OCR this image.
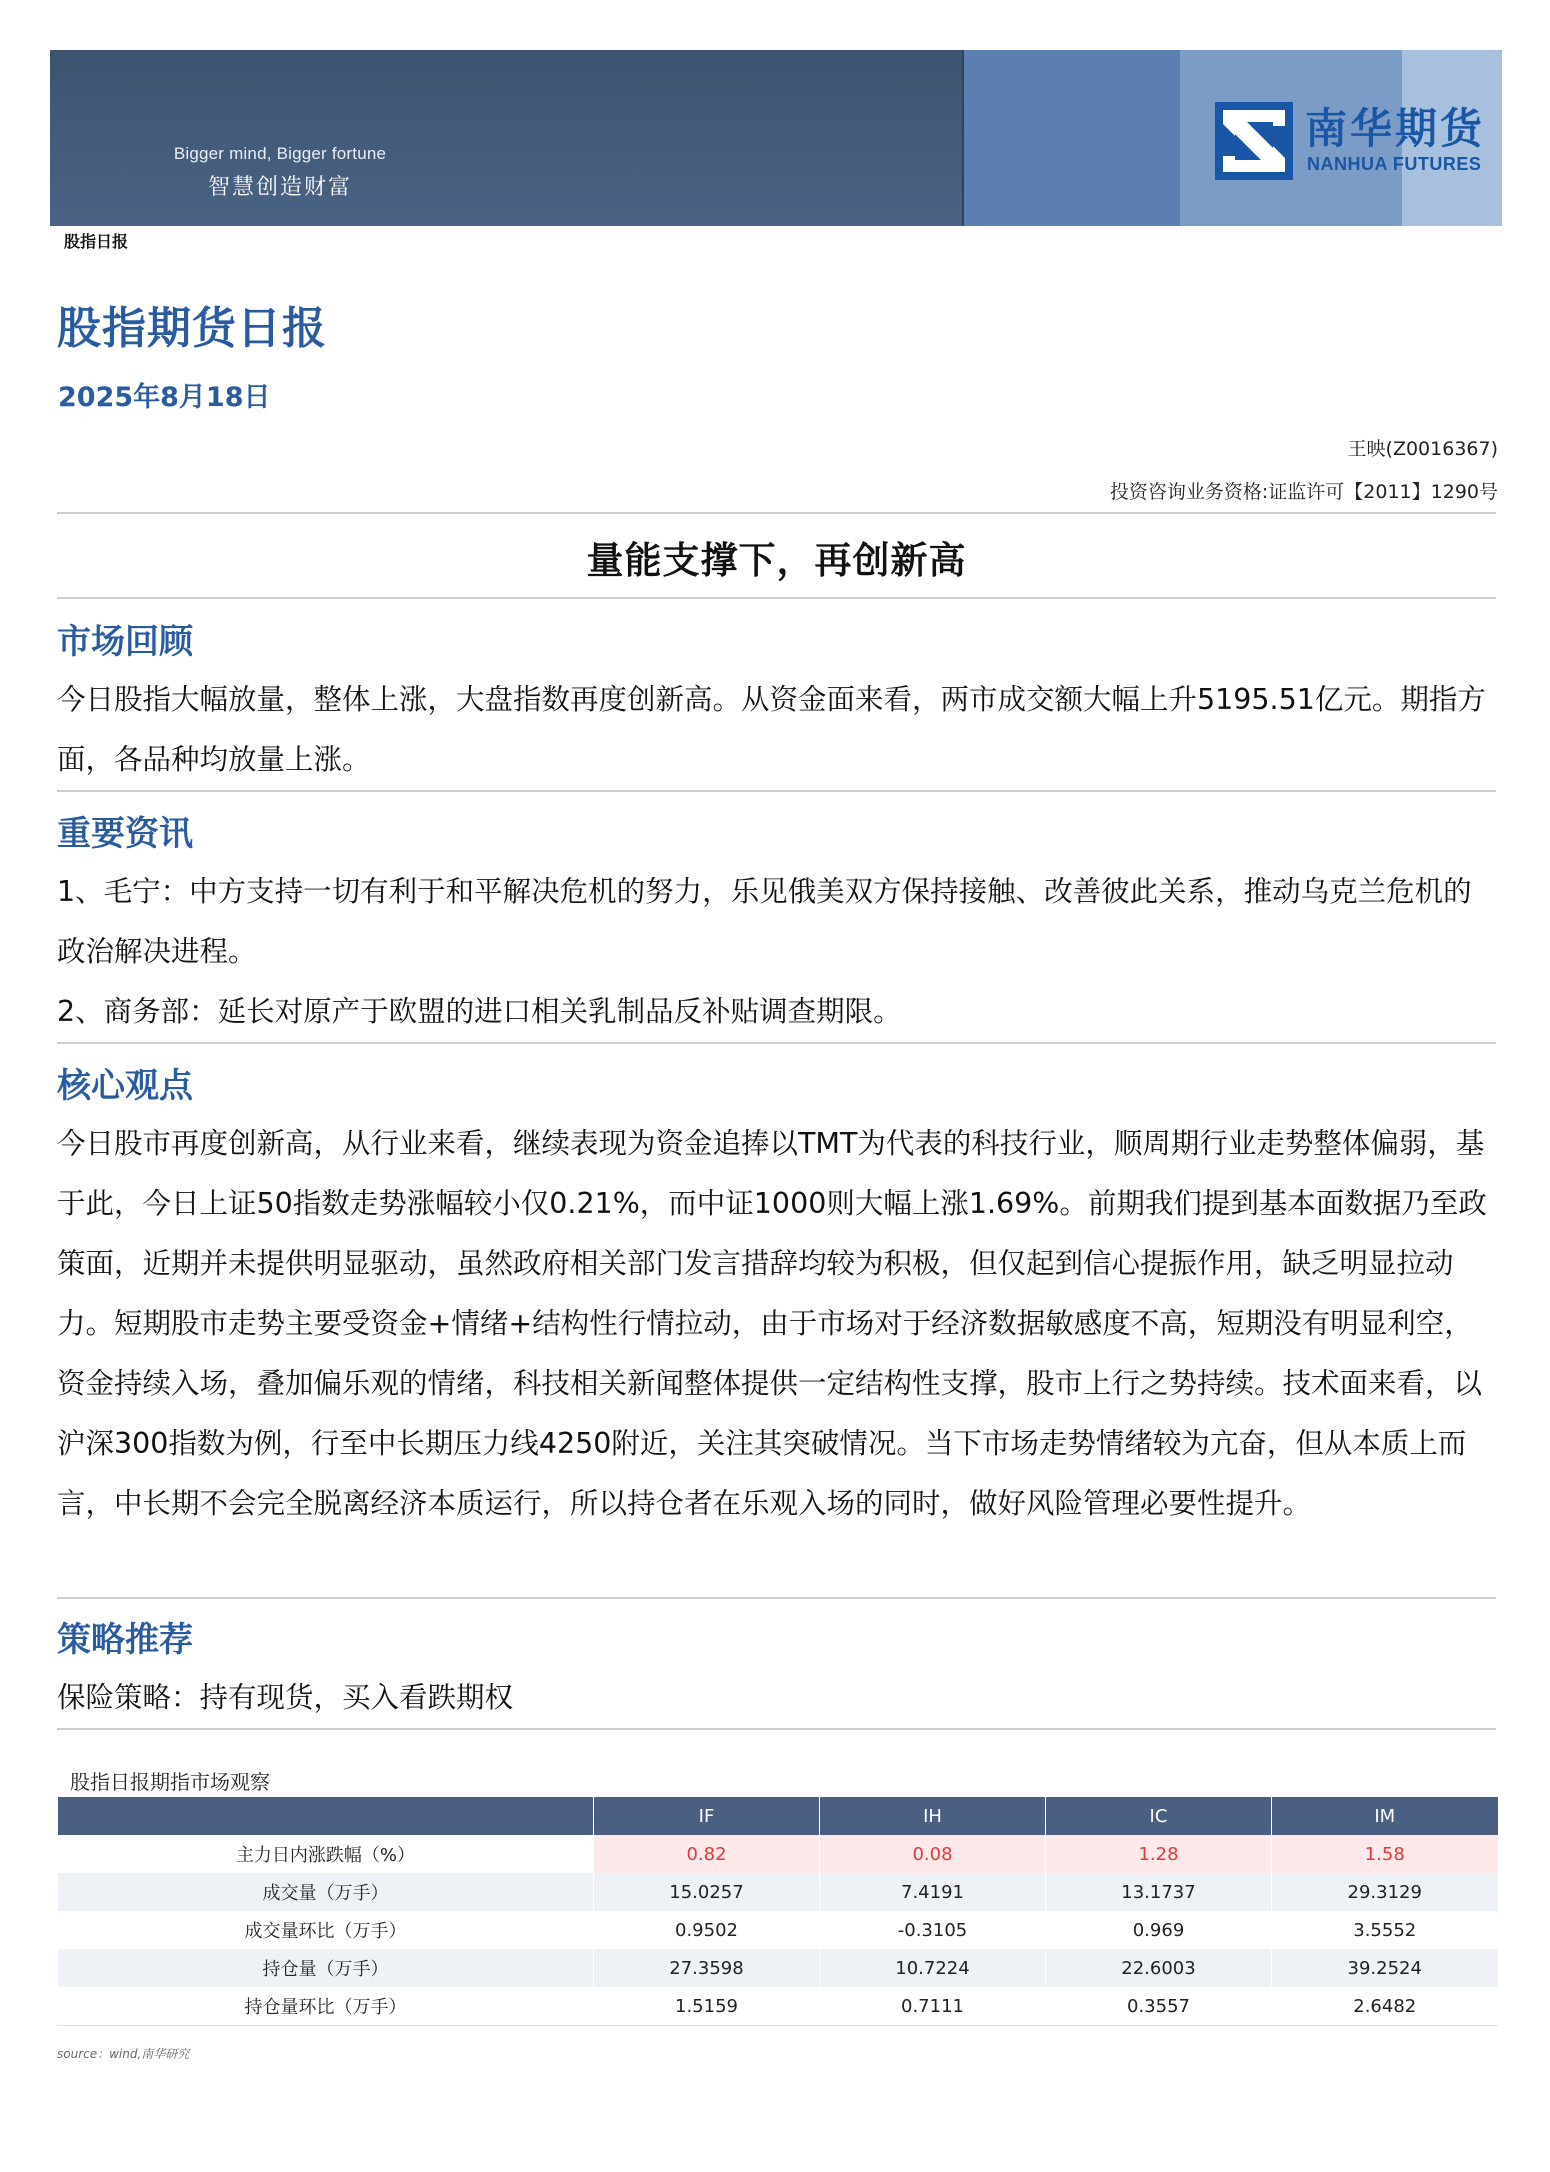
Bigger mind, Bigger fortune
智慧创造财富
南华期货
NANHUA FUTURES
股指日报
股指期货日报
2025年8月18日
王映(Z0016367)
投资咨询业务资格:证监许可【2011】1290号
量能支撑下，再创新高
市场回顾
今日股指大幅放量，整体上涨，大盘指数再度创新高。从资金面来看，两市成交额大幅上升5195.51亿元。期指方面，各品种均放量上涨。
重要资讯
1、毛宁：中方支持一切有利于和平解决危机的努力，乐见俄美双方保持接触、改善彼此关系，推动乌克兰危机的政治解决进程。
2、商务部：延长对原产于欧盟的进口相关乳制品反补贴调查期限。
核心观点
今日股市再度创新高，从行业来看，继续表现为资金追捧以TMT为代表的科技行业，顺周期行业走势整体偏弱，基于此，今日上证50指数走势涨幅较小仅0.21%，而中证1000则大幅上涨1.69%。前期我们提到基本面数据乃至政策面，近期并未提供明显驱动，虽然政府相关部门发言措辞均较为积极，但仅起到信心提振作用，缺乏明显拉动力。短期股市走势主要受资金+情绪+结构性行情拉动，由于市场对于经济数据敏感度不高，短期没有明显利空，资金持续入场，叠加偏乐观的情绪，科技相关新闻整体提供一定结构性支撑，股市上行之势持续。技术面来看，以沪深300指数为例，行至中长期压力线4250附近，关注其突破情况。当下市场走势情绪较为亢奋，但从本质上而言，中长期不会完全脱离经济本质运行，所以持仓者在乐观入场的同时，做好风险管理必要性提升。
策略推荐
保险策略：持有现货，买入看跌期权
股指日报期指市场观察
	IF	IH	IC	IM
主力日内涨跌幅（%）	0.82	0.08	1.28	1.58
成交量（万手）	15.0257	7.4191	13.1737	29.3129
成交量环比（万手）	0.9502	-0.3105	0.969	3.5552
持仓量（万手）	27.3598	10.7224	22.6003	39.2524
持仓量环比（万手）	1.5159	0.7111	0.3557	2.6482
source：wind,南华研究
